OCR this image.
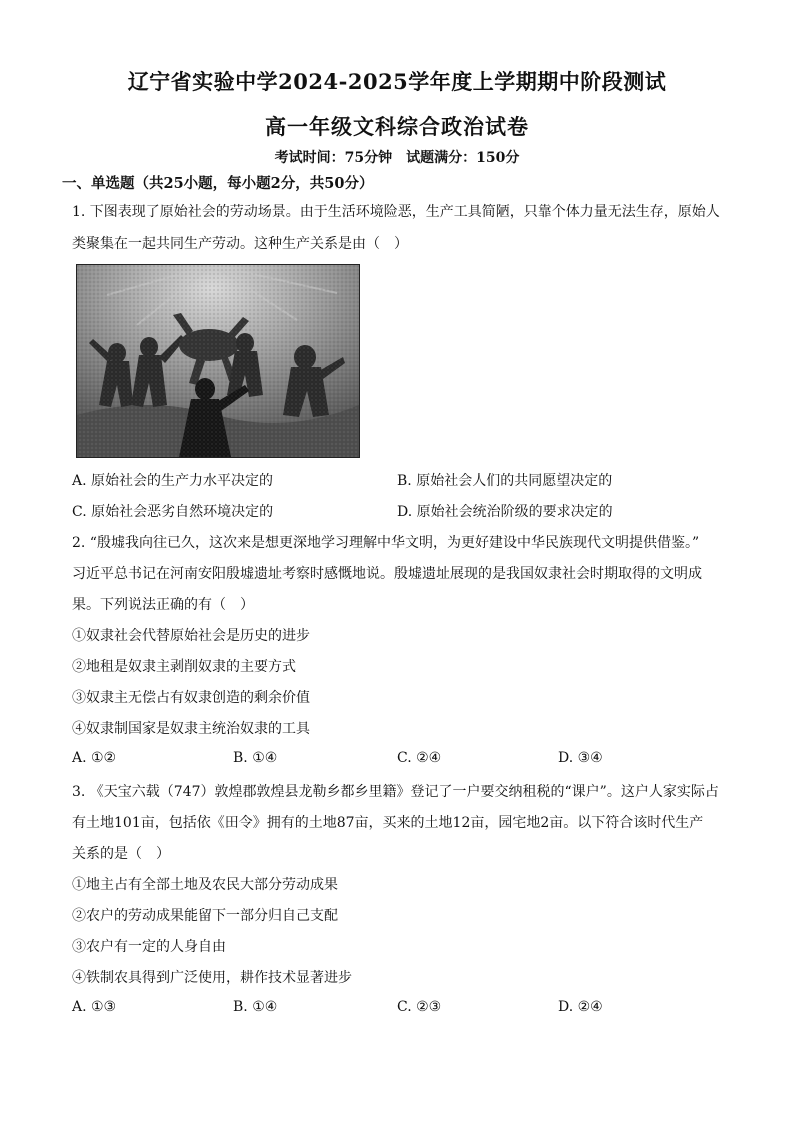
辽宁省实验中学2024-2025学年度上学期期中阶段测试
高一年级文科综合政治试卷
考试时间：75分钟　试题满分：150分
一、单选题（共25小题，每小题2分，共50分）
1. 下图表现了原始社会的劳动场景。由于生活环境险恶，生产工具简陋，只靠个体力量无法生存，原始人
类聚集在一起共同生产劳动。这种生产关系是由（　）
A. 原始社会的生产力水平决定的	B. 原始社会人们的共同愿望决定的
C. 原始社会恶劣自然环境决定的	D. 原始社会统治阶级的要求决定的
2. “殷墟我向往已久，这次来是想更深地学习理解中华文明，为更好建设中华民族现代文明提供借鉴。”
习近平总书记在河南安阳殷墟遗址考察时感慨地说。殷墟遗址展现的是我国奴隶社会时期取得的文明成
果。下列说法正确的有（　）
①奴隶社会代替原始社会是历史的进步
②地租是奴隶主剥削奴隶的主要方式
③奴隶主无偿占有奴隶创造的剩余价值
④奴隶制国家是奴隶主统治奴隶的工具
A. ①②	B. ①④	C. ②④	D. ③④
3. 《天宝六载（747）敦煌郡敦煌县龙勒乡都乡里籍》登记了一户要交纳租税的“课户”。这户人家实际占
有土地101亩，包括依《田令》拥有的土地87亩，买来的土地12亩，园宅地2亩。以下符合该时代生产
关系的是（　）
①地主占有全部土地及农民大部分劳动成果
②农户的劳动成果能留下一部分归自己支配
③农户有一定的人身自由
④铁制农具得到广泛使用，耕作技术显著进步
A. ①③	B. ①④	C. ②③	D. ②④
